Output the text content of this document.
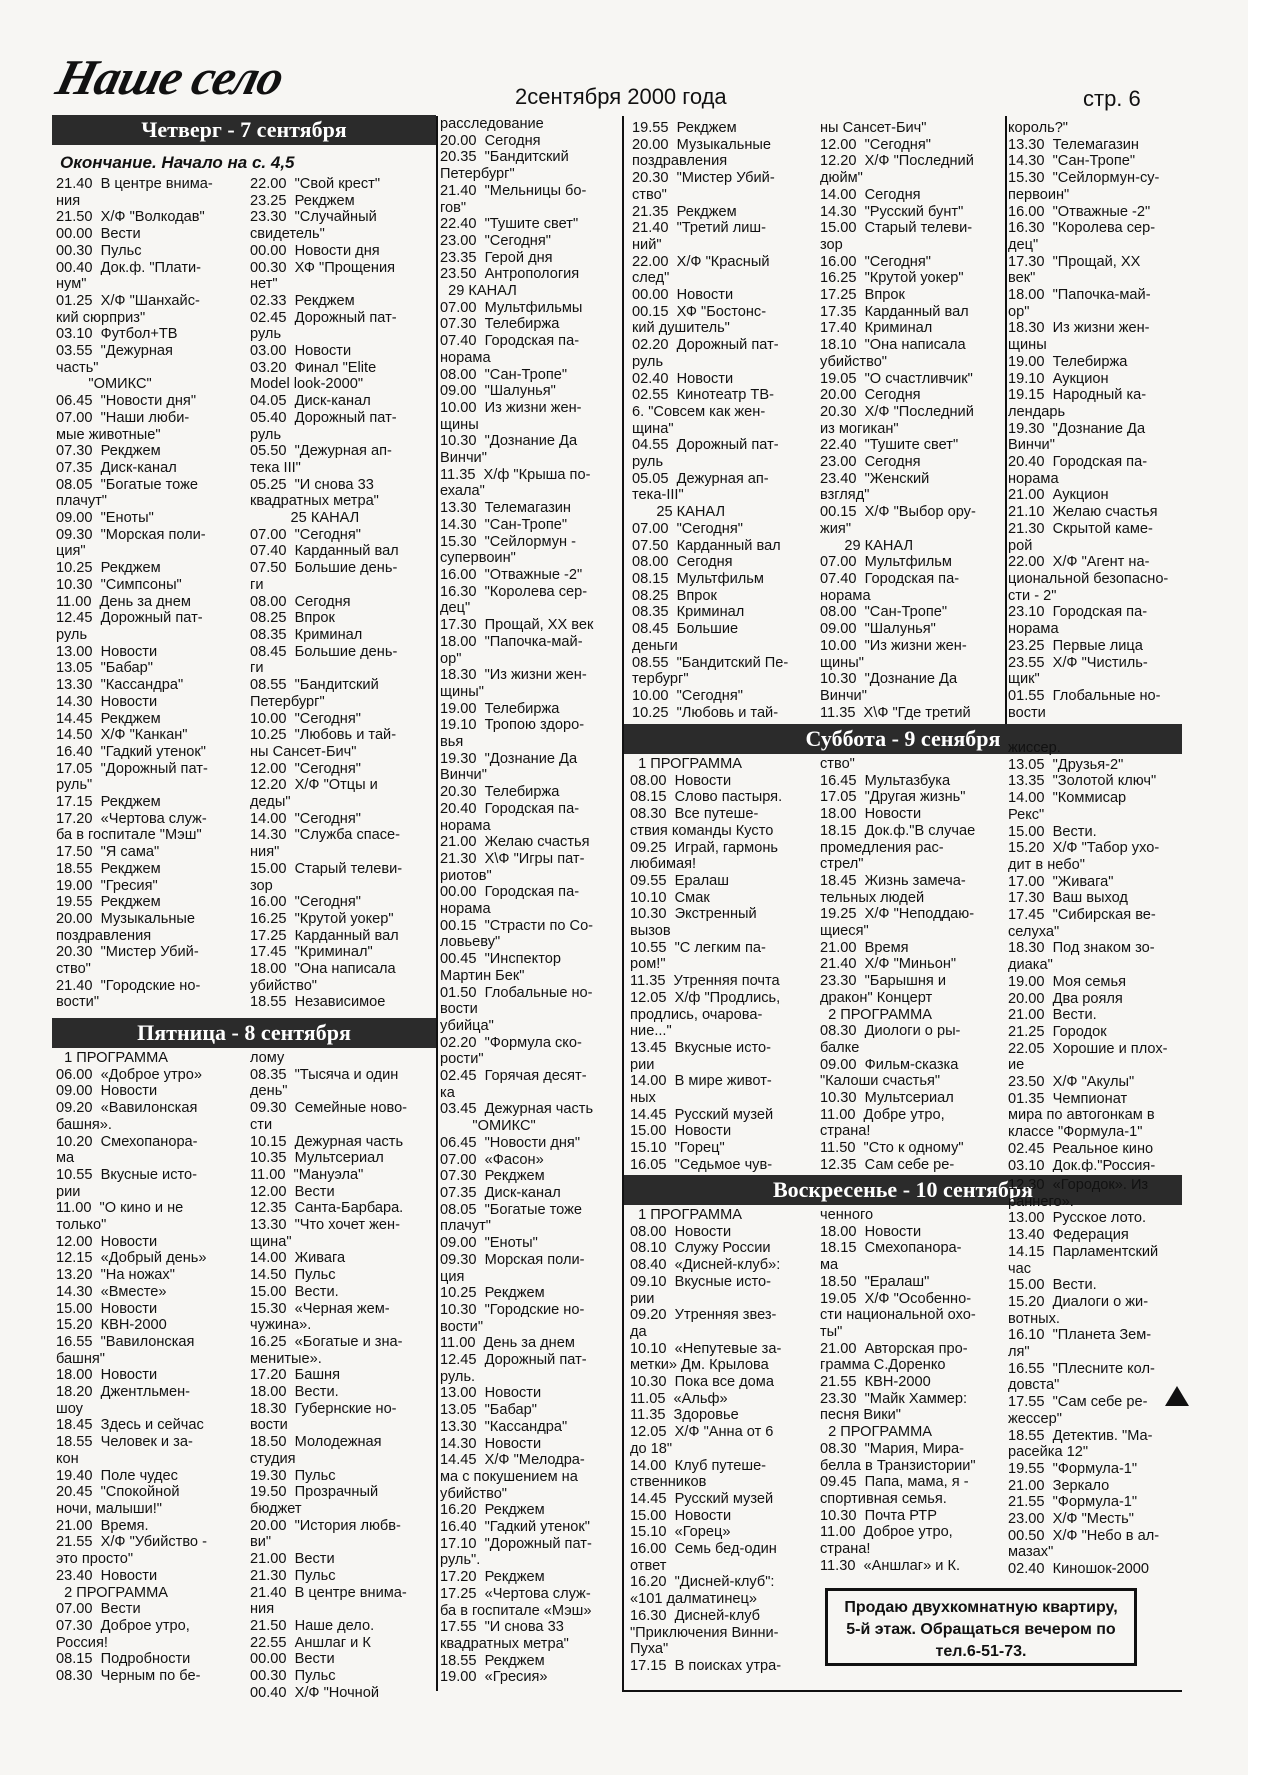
Наше село	2сентября 2000 года	стр. 6
Четверг - 7 сентября
Пятница - 8 сентября
Суббота - 9 сенября
Воскресенье - 10 сентября
Окончание. Начало на с. 4,5
21.40  В центре внима-
ния
21.50  Х/Ф "Волкодав"
00.00  Вести
00.30  Пульс
00.40  Док.ф. "Плати-
нум"
01.25  Х/Ф "Шанхайс-
кий сюрприз"
03.10  Футбол+ТВ
03.55  "Дежурная
часть"
"ОМИКС"
06.45  "Новости дня"
07.00  "Наши люби-
мые животные"
07.30  Рекджем
07.35  Диск-канал
08.05  "Богатые тоже
плачут"
09.00  "Еноты"
09.30  "Морская поли-
ция"
10.25  Рекджем
10.30  "Симпсоны"
11.00  День за днем
12.45  Дорожный пат-
руль
13.00  Новости
13.05  "Бабар"
13.30  "Кассандра"
14.30  Новости
14.45  Рекджем
14.50  Х/Ф "Канкан"
16.40  "Гадкий утенок"
17.05  "Дорожный пат-
руль"
17.15  Рекджем
17.20  «Чертова служ-
ба в госпитале "Мэш"
17.50  "Я сама"
18.55  Рекджем
19.00  "Гресия"
19.55  Рекджем
20.00  Музыкальные
поздравления
20.30  "Мистер Убий-
ство"
21.40  "Городские но-
вости"
22.00  "Свой крест"
23.25  Рекджем
23.30  "Случайный
свидетель"
00.00  Новости дня
00.30  ХФ "Прощения
нет"
02.33  Рекджем
02.45  Дорожный пат-
руль
03.00  Новости
03.20  Финал "Elite
Model look-2000"
04.05  Диск-канал
05.40  Дорожный пат-
руль
05.50  "Дежурная ап-
тека III"
05.25  "И снова 33
квадратных метра"
25 КАНАЛ
07.00  "Сегодня"
07.40  Карданный вал
07.50  Большие день-
ги
08.00  Сегодня
08.25  Впрок
08.35  Криминал
08.45  Большие день-
ги
08.55  "Бандитский
Петербург"
10.00  "Сегодня"
10.25  "Любовь и тай-
ны Сансет-Бич"
12.00  "Сегодня"
12.20  Х/Ф "Отцы и
деды"
14.00  "Сегодня"
14.30  "Служба спасе-
ния"
15.00  Старый телеви-
зор
16.00  "Сегодня"
16.25  "Крутой уокер"
17.25  Карданный вал
17.45  "Криминал"
18.00  "Она написала
убийство"
18.55  Независимое
расследование
20.00  Сегодня
20.35  "Бандитский
Петербург"
21.40  "Мельницы бо-
гов"
22.40  "Тушите свет"
23.00  "Сегодня"
23.35  Герой дня
23.50  Антропология
29 КАНАЛ
07.00  Мультфильмы
07.30  Телебиржа
07.40  Городская па-
норама
08.00  "Сан-Тропе"
09.00  "Шалунья"
10.00  Из жизни жен-
щины
10.30  "Дознание Да
Винчи"
11.35  Х/ф "Крыша по-
ехала"
13.30  Телемагазин
14.30  "Сан-Тропе"
15.30  "Сейлормун -
супервоин"
16.00  "Отважные -2"
16.30  "Королева сер-
дец"
17.30  Прощай, XX век
18.00  "Папочка-май-
ор"
18.30  "Из жизни жен-
щины"
19.00  Телебиржа
19.10  Тропою здоро-
вья
19.30  "Дознание Да
Винчи"
20.30  Телебиржа
20.40  Городская па-
норама
21.00  Желаю счастья
21.30  Х\Ф "Игры пат-
риотов"
00.00  Городская па-
норама
00.15  "Страсти по Со-
ловьеву"
00.45  "Инспектор
Мартин Бек"
01.50  Глобальные но-
вости
убийца"
02.20  "Формула ско-
рости"
02.45  Горячая десят-
ка
03.45  Дежурная часть
"ОМИКС"
06.45  "Новости дня"
07.00  «Фасон»
07.30  Рекджем
07.35  Диск-канал
08.05  "Богатые тоже
плачут"
09.00  "Еноты"
09.30  Морская поли-
ция
10.25  Рекджем
10.30  "Городские но-
вости"
11.00  День за днем
12.45  Дорожный пат-
руль.
13.00  Новости
13.05  "Бабар"
13.30  "Кассандра"
14.30  Новости
14.45  Х/Ф "Мелодра-
ма с покушением на
убийство"
16.20  Рекджем
16.40  "Гадкий утенок"
17.10  "Дорожный пат-
руль".
17.20  Рекджем
17.25  «Чертова служ-
ба в госпитале «Мэш»
17.55  "И снова 33
квадратных метра"
18.55  Рекджем
19.00  «Гресия»
19.55  Рекджем
20.00  Музыкальные
поздравления
20.30  "Мистер Убий-
ство"
21.35  Рекджем
21.40  "Третий лиш-
ний"
22.00  Х/Ф "Красный
след"
00.00  Новости
00.15  ХФ "Бостонс-
кий душитель"
02.20  Дорожный пат-
руль
02.40  Новости
02.55  Кинотеатр ТВ-
6. "Совсем как жен-
щина"
04.55  Дорожный пат-
руль
05.05  Дежурная ап-
тека-III"
25 КАНАЛ
07.00  "Сегодня"
07.50  Карданный вал
08.00  Сегодня
08.15  Мультфильм
08.25  Впрок
08.35  Криминал
08.45  Большие
деньги
08.55  "Бандитский Пе-
тербург"
10.00  "Сегодня"
10.25  "Любовь и тай-
ны Сансет-Бич"
12.00  "Сегодня"
12.20  Х/Ф "Последний
дюйм"
14.00  Сегодня
14.30  "Русский бунт"
15.00  Старый телеви-
зор
16.00  "Сегодня"
16.25  "Крутой уокер"
17.25  Впрок
17.35  Карданный вал
17.40  Криминал
18.10  "Она написала
убийство"
19.05  "О счастливчик"
20.00  Сегодня
20.30  Х/Ф "Последний
из могикан"
22.40  "Тушите свет"
23.00  Сегодня
23.40  "Женский
взгляд"
00.15  Х/Ф "Выбор ору-
жия"
29 КАНАЛ
07.00  Мультфильм
07.40  Городская па-
норама
08.00  "Сан-Тропе"
09.00  "Шалунья"
10.00  "Из жизни жен-
щины"
10.30  "Дознание Да
Винчи"
11.35  Х\Ф "Где третий
король?"
13.30  Телемагазин
14.30  "Сан-Тропе"
15.30  "Сейлормун-су-
первоин"
16.00  "Отважные -2"
16.30  "Королева сер-
дец"
17.30  "Прощай, XX
век"
18.00  "Папочка-май-
ор"
18.30  Из жизни жен-
щины
19.00  Телебиржа
19.10  Аукцион
19.15  Народный ка-
лендарь
19.30  "Дознание Да
Винчи"
20.40  Городская па-
норама
21.00  Аукцион
21.10  Желаю счастья
21.30  Скрытой каме-
рой
22.00  Х/Ф "Агент на-
циональной безопасно-
сти - 2"
23.10  Городская па-
норама
23.25  Первые лица
23.55  Х/Ф "Чистиль-
щик"
01.55  Глобальные но-
вости
1 ПРОГРАММА
06.00  «Доброе утро»
09.00  Новости
09.20  «Вавилонская
башня».
10.20  Смехопанора-
ма
10.55  Вкусные исто-
рии
11.00  "О кино и не
только"
12.00  Новости
12.15  «Добрый день»
13.20  "На ножах"
14.30  «Вместе»
15.00  Новости
15.20  КВН-2000
16.55  "Вавилонская
башня"
18.00  Новости
18.20  Джентльмен-
шоу
18.45  Здесь и сейчас
18.55  Человек и за-
кон
19.40  Поле чудес
20.45  "Спокойной
ночи, малыши!"
21.00  Время.
21.55  Х/Ф "Убийство -
это просто"
23.40  Новости
2 ПРОГРАММА
07.00  Вести
07.30  Доброе утро,
Россия!
08.15  Подробности
08.30  Черным по бе-
лому
08.35  "Тысяча и один
день"
09.30  Семейные ново-
сти
10.15  Дежурная часть
10.35  Мультсериал
11.00  "Мануэла"
12.00  Вести
12.35  Санта-Барбара.
13.30  "Что хочет жен-
щина"
14.00  Живага
14.50  Пульс
15.00  Вести.
15.30  «Черная жем-
чужина».
16.25  «Богатые и зна-
менитые».
17.20  Башня
18.00  Вести.
18.30  Губернские но-
вости
18.50  Молодежная
студия
19.30  Пульс
19.50  Прозрачный
бюджет
20.00  "История любв-
ви"
21.00  Вести
21.30  Пульс
21.40  В центре внима-
ния
21.50  Наше дело.
22.55  Аншлаг и К
00.00  Вести
00.30  Пульс
00.40  Х/Ф "Ночной
1 ПРОГРАММА
08.00  Новости
08.15  Слово пастыря.
08.30  Все путеше-
ствия команды Кусто
09.25  Играй, гармонь
любимая!
09.55  Ералаш
10.10  Смак
10.30  Экстренный
вызов
10.55  "С легким па-
ром!"
11.35  Утренняя почта
12.05  Х/ф "Продлись,
продлись, очарова-
ние..."
13.45  Вкусные исто-
рии
14.00  В мире живот-
ных
14.45  Русский музей
15.00  Новости
15.10  "Горец"
16.05  "Седьмое чув-
ство"
16.45  Мультазбука
17.05  "Другая жизнь"
18.00  Новости
18.15  Док.ф."В случае
промедления рас-
стрел"
18.45  Жизнь замеча-
тельных людей
19.25  Х/Ф "Неподдаю-
щиеся"
21.00  Время
21.40  Х/Ф "Миньон"
23.30  "Барышня и
дракон" Концерт
2 ПРОГРАММА
08.30  Диологи о ры-
балке
09.00  Фильм-сказка
"Калоши счастья"
10.30  Мультсериал
11.00  Добре утро,
страна!
11.50  "Сто к одному"
12.35  Сам себе ре-
жиссер.
13.05  "Друзья-2"
13.35  "Золотой ключ"
14.00  "Коммисар
Рекс"
15.00  Вести.
15.20  Х/Ф "Табор ухо-
дит в небо"
17.00  "Живага"
17.30  Ваш выход
17.45  "Сибирская ве-
селуха"
18.30  Под знаком зо-
диака"
19.00  Моя семья
20.00  Два рояля
21.00  Вести.
21.25  Городок
22.05  Хорошие и плох-
ие
23.50  Х/Ф "Акулы"
01.35  Чемпионат
мира по автогонкам в
классе "Формула-1"
02.45  Реальное кино
03.10  Док.ф."Россия-

1 ПРОГРАММА
08.00  Новости
08.10  Служу России
08.40  «Дисней-клуб»:
09.10  Вкусные исто-
рии
09.20  Утренняя звез-
да
10.10  «Непутевые за-
метки» Дм. Крылова
10.30  Пока все дома
11.05  «Альф»
11.35  Здоровье
12.05  Х/Ф "Анна от 6
до 18"
14.00  Клуб путеше-
ственников
14.45  Русский музей
15.00  Новости
15.10  «Горец»
16.00  Семь бед-один
ответ
16.20  "Дисней-клуб":
«101 далматинец»
16.30  Дисней-клуб
"Приключения Винни-
Пуха"
17.15  В поисках утра-
ченного
18.00  Новости
18.15  Смехопанора-
ма
18.50  "Ералаш"
19.05  Х/Ф "Особенно-
сти национальной охо-
ты"
21.00  Авторская про-
грамма С.Доренко
21.55  КВН-2000
23.30  "Майк Хаммер:
песня Вики"
2 ПРОГРАММА
08.30  "Мария, Мира-
белла в Транзистории"
09.45  Папа, мама, я -
спортивная семья.
10.30  Почта РТР
11.00  Доброе утро,
страна!
11.30  «Аншлаг» и К.
12.30  «Городок». Из
раннего».
13.00  Русское лото.
13.40  Федерация
14.15  Парламентский
час
15.00  Вести.
15.20  Диалоги о жи-
вотных.
16.10  "Планета Зем-
ля"
16.55  "Плесните кол-
довста"
17.55  "Сам себе ре-
жессер"
18.55  Детектив. "Ма-
расейка 12"
19.55  "Формула-1"
21.00  Зеркало
21.55  "Формула-1"
23.00  Х/Ф "Месть"
00.50  Х/Ф "Небо в ал-
мазах"
02.40  Киношок-2000
Продаю двухкомнатную квартиру, 5-й этаж. Обращаться вечером по тел.6-51-73.
